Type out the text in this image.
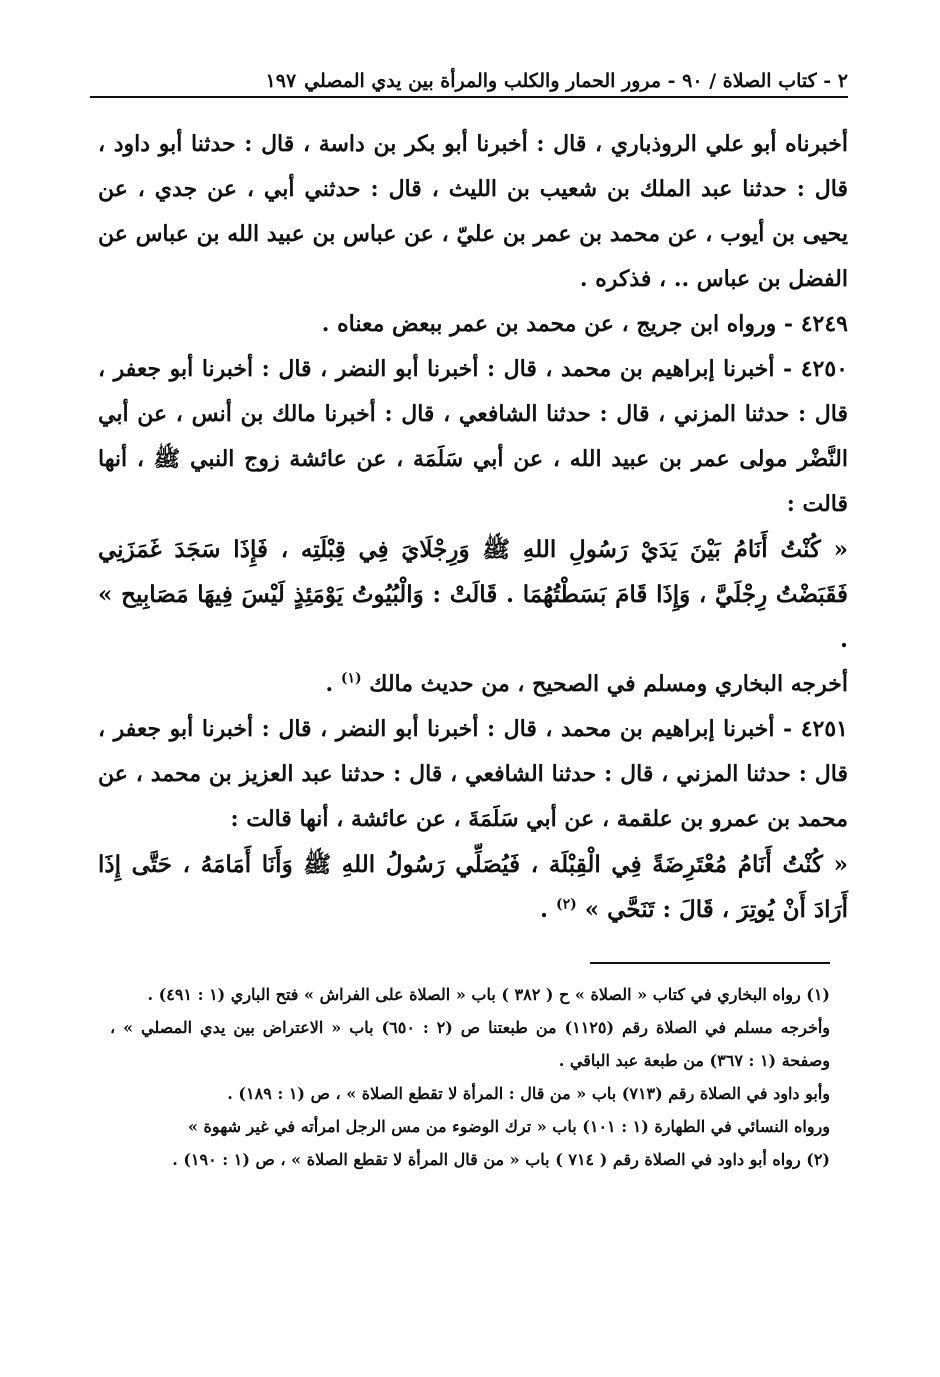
٢ - كتاب الصلاة / ٩٠ - مرور الحمار والكلب والمرأة بين يدي المصلي
١٩٧

أخبرناه أبو علي الروذباري ، قال : أخبرنا أبو بكر بن داسة ، قال : حدثنا أبو داود ، قال : حدثنا عبد الملك بن شعيب بن الليث ، قال : حدثني أبي ، عن جدي ، عن يحيى بن أيوب ، عن محمد بن عمر بن عليّ ، عن عباس بن عبيد الله بن عباس عن الفضل بن عباس .. ، فذكره .

٤٢٤٩ - ورواه ابن جريج ، عن محمد بن عمر ببعض معناه .

٤٢٥٠ - أخبرنا إبراهيم بن محمد ، قال : أخبرنا أبو النضر ، قال : أخبرنا أبو جعفر ، قال : حدثنا المزني ، قال : حدثنا الشافعي ، قال : أخبرنا مالك بن أنس ، عن أبي النَّضْر مولى عمر بن عبيد الله ، عن أبي سَلَمَة ، عن عائشة زوج النبي ﷺ ، أنها قالت :

« كُنْتُ أَنَامُ بَيْنَ يَدَيْ رَسُولِ اللهِ ﷺ وَرِجْلَايَ فِي قِبْلَتِه ، فَإِذَا سَجَدَ غَمَزَنِي فَقَبَضْتُ رِجْلَيَّ ، وَإِذَا قَامَ بَسَطْتُهُمَا . قَالَتْ : وَالْبُيُوتُ يَوْمَئِذٍ لَيْسَ فِيهَا مَصَابِيح » .

أخرجه البخاري ومسلم في الصحيح ، من حديث مالك $^{(١)}$ .

٤٢٥١ - أخبرنا إبراهيم بن محمد ، قال : أخبرنا أبو النضر ، قال : أخبرنا أبو جعفر ، قال : حدثنا المزني ، قال : حدثنا الشافعي ، قال : حدثنا عبد العزيز بن محمد ، عن محمد بن عمرو بن علقمة ، عن أبي سَلَمَةَ ، عن عائشة ، أنها قالت :

« كُنْتُ أَنَامُ مُعْتَرِضَةً فِي الْقِبْلَة ، فَيُصَلِّي رَسُولُ اللهِ ﷺ وَأَنَا أَمَامَهُ ، حَتَّى إِذَا أَرَادَ أَنْ يُوتِرَ ، قَالَ : تَنَحَّي » $^{(٢)}$ .

(١) رواه البخاري في كتاب « الصلاة » ح ( ٣٨٢ ) باب « الصلاة على الفراش » فتح الباري (١ : ٤٩١) .

وأخرجه مسلم في الصلاة رقم (١١٢٥) من طبعتنا ص (٢ : ٦٥٠) باب « الاعتراض بين يدي المصلي » ، وصفحة (١ : ٣٦٧) من طبعة عبد الباقي .

وأبو داود في الصلاة رقم (٧١٣) باب « من قال : المرأة لا تقطع الصلاة » ، ص (١ : ١٨٩) .

ورواه النسائي في الطهارة (١ : ١٠١) باب « ترك الوضوء من مس الرجل امرأته في غير شهوة »

(٢) رواه أبو داود في الصلاة رقم ( ٧١٤ ) باب « من قال المرأة لا تقطع الصلاة » ، ص (١ : ١٩٠) .
